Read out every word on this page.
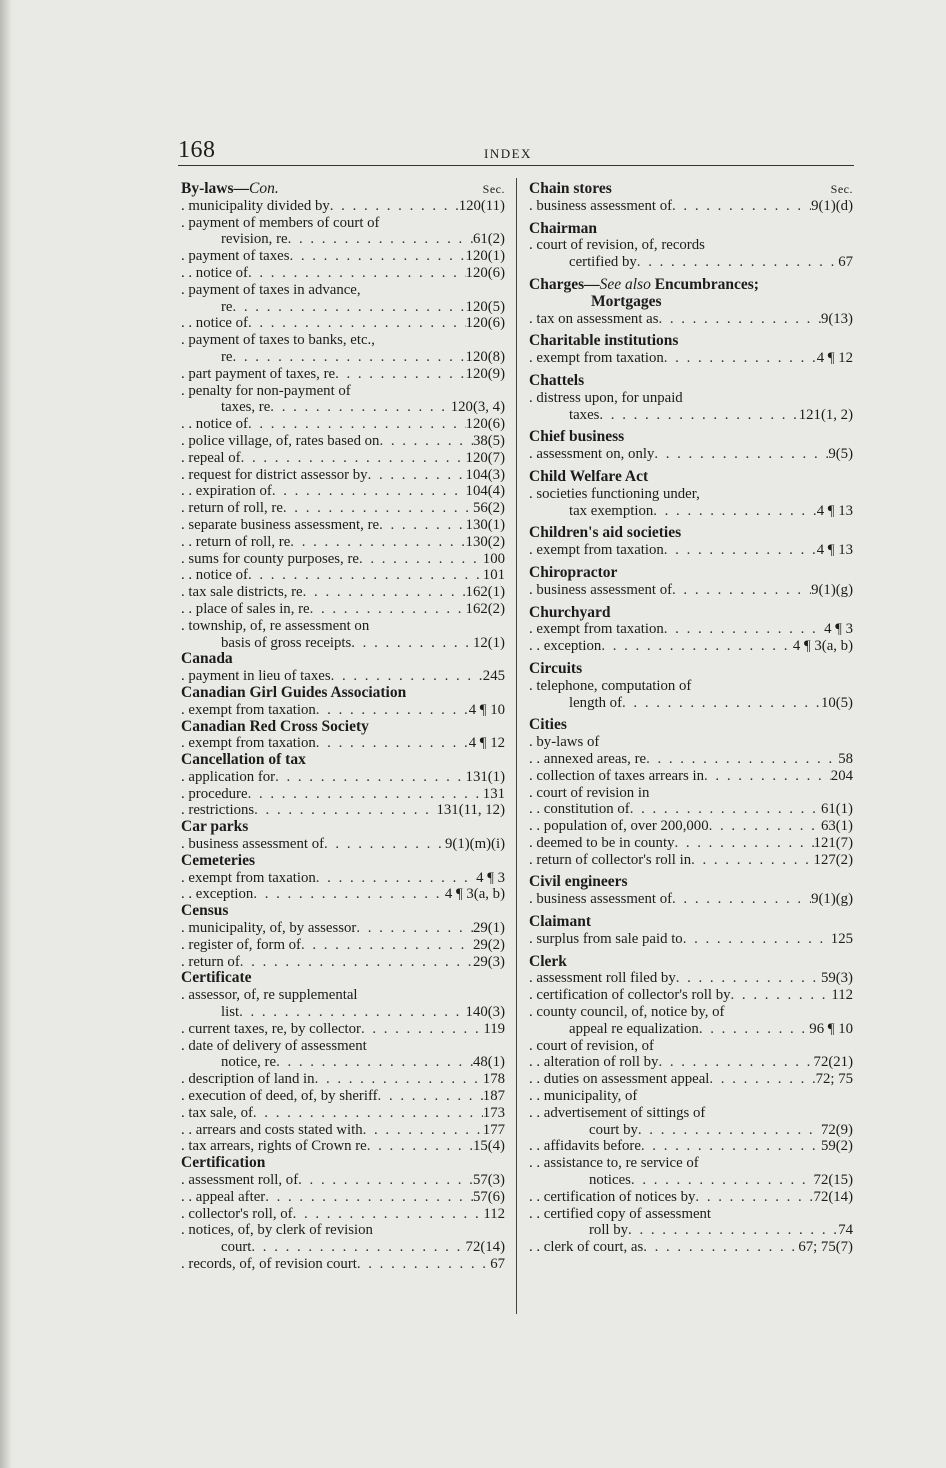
168	INDEX
By-laws—Con.	Sec.
. municipality divided by . . .	120(11)
. payment of members of court of
revision, re . . .	61(2)
. payment of taxes . . .	120(1)
. . notice of . . .	120(6)
. payment of taxes in advance,
re . . .	120(5)
. . notice of . . .	120(6)
. payment of taxes to banks, etc.,
re . . .	120(8)
. part payment of taxes, re . . .	120(9)
. penalty for non-payment of
taxes, re . . .	120(3, 4)
. . notice of . . .	120(6)
. police village, of, rates based on . . .	38(5)
. repeal of . . .	120(7)
. request for district assessor by . . .	104(3)
. . expiration of . . .	104(4)
. return of roll, re . . .	56(2)
. separate business assessment, re . . .	130(1)
. . return of roll, re . . .	130(2)
. sums for county purposes, re . . .	100
. . notice of . . .	101
. tax sale districts, re . . .	162(1)
. . place of sales in, re . . .	162(2)
. township, of, re assessment on
basis of gross receipts . . .	12(1)
Canada
. payment in lieu of taxes . . .	245
Canadian Girl Guides Association
. exempt from taxation . . .	4 ¶ 10
Canadian Red Cross Society
. exempt from taxation . . .	4 ¶ 12
Cancellation of tax
. application for . . .	131(1)
. procedure . . .	131
. restrictions . . .	131(11, 12)
Car parks
. business assessment of . . .	9(1)(m)(i)
Cemeteries
. exempt from taxation . . .	4 ¶ 3
. . exception . . .	4 ¶ 3(a, b)
Census
. municipality, of, by assessor . . .	29(1)
. register of, form of . . .	29(2)
. return of . . .	29(3)
Certificate
. assessor, of, re supplemental
list . . .	140(3)
. current taxes, re, by collector . . .	119
. date of delivery of assessment
notice, re . . .	48(1)
. description of land in . . .	178
. execution of deed, of, by sheriff . . .	187
. tax sale, of . . .	173
. . arrears and costs stated with . . .	177
. tax arrears, rights of Crown re . . .	15(4)
Certification
. assessment roll, of . . .	57(3)
. . appeal after . . .	57(6)
. collector's roll, of . . .	112
. notices, of, by clerk of revision
court . . .	72(14)
. records, of, of revision court . . .	67
Chain stores	Sec.
. business assessment of . . .	9(1)(d)
Chairman
. court of revision, of, records
certified by . . .	67
Charges—See also Encumbrances;
Mortgages
. tax on assessment as . . .	9(13)
Charitable institutions
. exempt from taxation . . .	4 ¶ 12
Chattels
. distress upon, for unpaid
taxes . . .	121(1, 2)
Chief business
. assessment on, only . . .	9(5)
Child Welfare Act
. societies functioning under,
tax exemption . . .	4 ¶ 13
Children's aid societies
. exempt from taxation . . .	4 ¶ 13
Chiropractor
. business assessment of . . .	9(1)(g)
Churchyard
. exempt from taxation . . .	4 ¶ 3
. . exception . . .	4 ¶ 3(a, b)
Circuits
. telephone, computation of
length of . . .	10(5)
Cities
. by-laws of
. . annexed areas, re . . .	58
. collection of taxes arrears in . . .	204
. court of revision in
. . constitution of . . .	61(1)
. . population of, over 200,000 . . .	63(1)
. deemed to be in county . . .	121(7)
. return of collector's roll in . . .	127(2)
Civil engineers
. business assessment of . . .	9(1)(g)
Claimant
. surplus from sale paid to . . .	125
Clerk
. assessment roll filed by . . .	59(3)
. certification of collector's roll by . . .	112
. county council, of, notice by, of
appeal re equalization . . .	96 ¶ 10
. court of revision, of
. . alteration of roll by . . .	72(21)
. . duties on assessment appeal . . .	72; 75
. . municipality, of
. . advertisement of sittings of
court by . . .	72(9)
. . affidavits before . . .	59(2)
. . assistance to, re service of
notices . . .	72(15)
. . certification of notices by . . .	72(14)
. . certified copy of assessment
roll by . . .	74
. . clerk of court, as . . .	67; 75(7)
